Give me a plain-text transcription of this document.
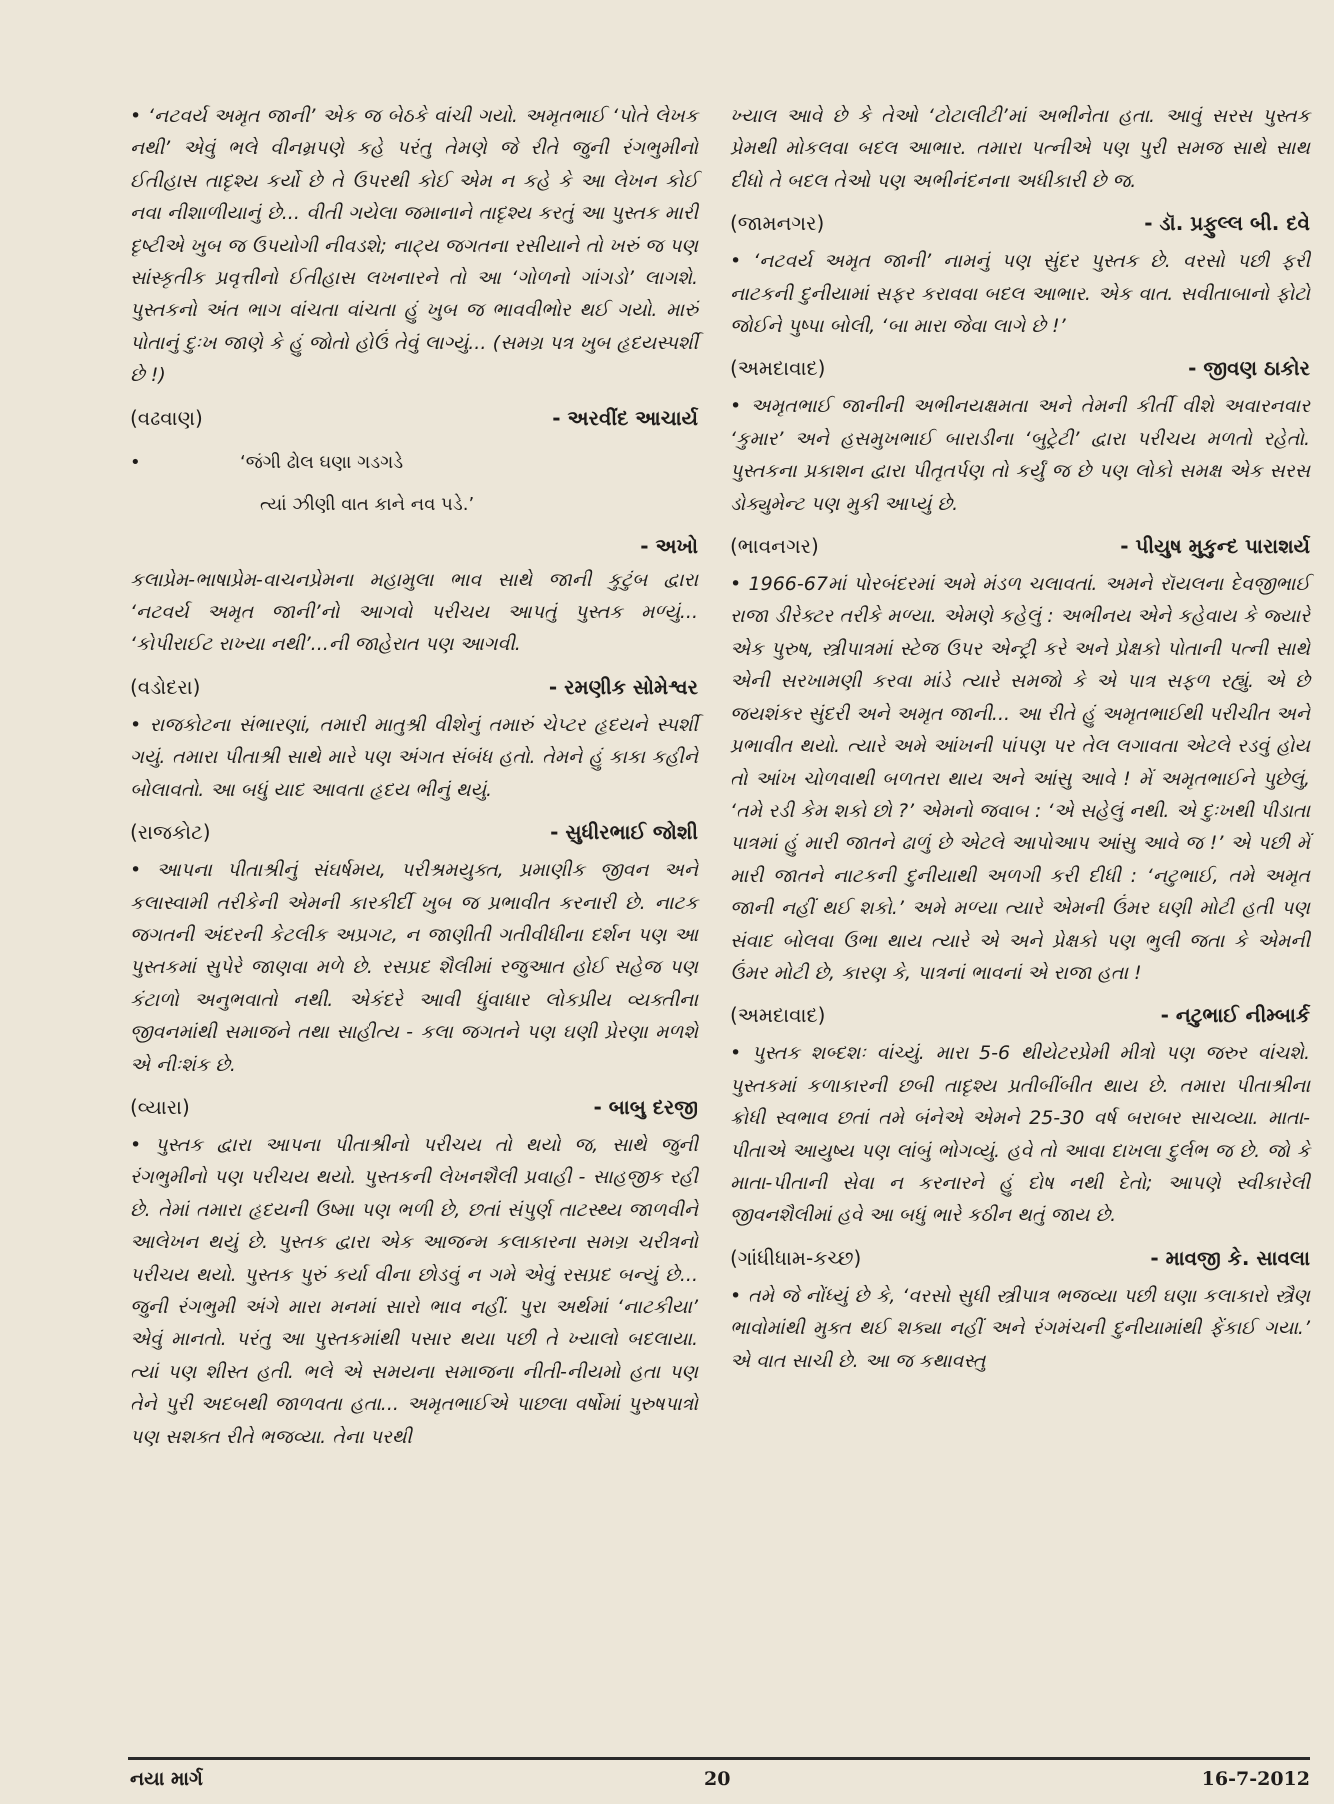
• ‘નટવર્ય અમૃત જાની’ એક જ બેઠકે વાંચી ગયો. અમૃતભાઈ ‘પોતે લેખક નથી’ એવું ભલે વીનમ્રપણે કહે પરંતુ તેમણે જે રીતે જુની રંગભુમીનો ઈતીહાસ તાદૃશ્ય કર્યો છે તે ઉપરથી કોઈ એમ ન કહે કે આ લેખન કોઈ નવા નીશાળીયાનું છે... વીતી ગયેલા જમાનાને તાદૃશ્ય કરતું આ પુસ્તક મારી દૃષ્ટીએ ખુબ જ ઉપયોગી નીવડશે; નાટ્ય જગતના રસીયાને તો ખરું જ પણ સાંસ્કૃતીક પ્રવૃત્તીનો ઈતીહાસ લખનારને તો આ ‘ગોળનો ગાંગડો’ લાગશે. પુસ્તકનો અંત ભાગ વાંચતા વાંચતા હું ખુબ જ ભાવવીભોર થઈ ગયો. મારું પોતાનું દુઃખ જાણે કે હું જોતો હોઉં તેવું લાગ્યું... (સમગ્ર પત્ર ખુબ હૃદયસ્પર્શી છે !)

(વઢવાણ)	- અરવીંદ આચાર્ય
•	‘જંગી ઢોલ ઘણા ગડગડે
ત્યાં ઝીણી વાત કાને નવ પડે.’
- અખો

કલાપ્રેમ-ભાષાપ્રેમ-વાચનપ્રેમના મહામુલા ભાવ સાથે જાની કુટુંબ દ્વારા ‘નટવર્ય અમૃત જાની’નો આગવો પરીચય આપતું પુસ્તક મળ્યું... ‘કોપીરાઈટ રાખ્યા નથી’...ની જાહેરાત પણ આગવી.

(વડોદરા)	- રમણીક સોમેશ્વર

• રાજકોટના સંભારણાં, તમારી માતુશ્રી વીશેનું તમારું ચેપ્ટર હૃદયને સ્પર્શી ગયું. તમારા પીતાશ્રી સાથે મારે પણ અંગત સંબંધ હતો. તેમને હું કાકા કહીને બોલાવતો. આ બધું યાદ આવતા હૃદય ભીનું થયું.

(રાજકોટ)	- સુધીરભાઈ જોશી

• આપના પીતાશ્રીનું સંઘર્ષમય, પરીશ્રમયુક્ત, પ્રમાણીક જીવન અને કલાસ્વામી તરીકેની એમની કારકીર્દી ખુબ જ પ્રભાવીત કરનારી છે. નાટક જગતની અંદરની કેટલીક અપ્રગટ, ન જાણીતી ગતીવીધીના દર્શન પણ આ પુસ્તકમાં સુપેરે જાણવા મળે છે. રસપ્રદ શૈલીમાં રજુઆત હોઈ સહેજ પણ કંટાળો અનુભવાતો નથી. એકંદરે આવી ધુંવાધાર લોકપ્રીય વ્યક્તીના જીવનમાંથી સમાજને તથા સાહીત્ય - કલા જગતને પણ ઘણી પ્રેરણા મળશે એ નીઃશંક છે.

(વ્યારા)	- બાબુ દરજી

• પુસ્તક દ્વારા આપના પીતાશ્રીનો પરીચય તો થયો જ, સાથે જુની રંગભુમીનો પણ પરીચય થયો. પુસ્તકની લેખનશૈલી પ્રવાહી - સાહજીક રહી છે. તેમાં તમારા હૃદયની ઉષ્મા પણ ભળી છે, છતાં સંપુર્ણ તાટસ્થ્ય જાળવીને આલેખન થયું છે. પુસ્તક દ્વારા એક આજન્મ કલાકારના સમગ્ર ચરીત્રનો પરીચય થયો. પુસ્તક પુરું કર્યા વીના છોડવું ન ગમે એવું રસપ્રદ બન્યું છે... જુની રંગભુમી અંગે મારા મનમાં સારો ભાવ નહીં. પુરા અર્થમાં ‘નાટકીયા’ એવું માનતો. પરંતુ આ પુસ્તકમાંથી પસાર થયા પછી તે ખ્યાલો બદલાયા. ત્યાં પણ શીસ્ત હતી. ભલે એ સમયના સમાજના નીતી-નીયમો હતા પણ તેને પુરી અદબથી જાળવતા હતા... અમૃતભાઈએ પાછલા વર્ષોમાં પુરુષપાત્રો પણ સશક્ત રીતે ભજવ્યા. તેના પરથી

ખ્યાલ આવે છે કે તેઓ ‘ટોટાલીટી’માં અભીનેતા હતા. આવું સરસ પુસ્તક પ્રેમથી મોકલવા બદલ આભાર. તમારા પત્નીએ પણ પુરી સમજ સાથે સાથ દીધો તે બદલ તેઓ પણ અભીનંદનના અધીકારી છે જ.

(જામનગર)	- ડૉ. પ્રફુલ્લ બી. દવે

• ‘નટવર્ય અમૃત જાની’ નામનું પણ સુંદર પુસ્તક છે. વરસો પછી ફરી નાટકની દુનીયામાં સફર કરાવવા બદલ આભાર. એક વાત. સવીતાબાનો ફોટો જોઈને પુષ્પા બોલી, ‘બા મારા જેવા લાગે છે !’

(અમદાવાદ)	- જીવણ ઠાકોર

• અમૃતભાઈ જાનીની અભીનયક્ષમતા અને તેમની કીર્તી વીશે અવારનવાર ‘કુમાર’ અને હસમુખભાઈ બારાડીના ‘બુટ્રેટી’ દ્વારા પરીચય મળતો રહેતો. પુસ્તકના પ્રકાશન દ્વારા પીતૃતર્પણ તો કર્યું જ છે પણ લોકો સમક્ષ એક સરસ ડોક્યુમેન્ટ પણ મુકી આપ્યું છે.

(ભાવનગર)	- પીયુષ મુકુન્દ પારાશર્ય

• 1966-67માં પોરબંદરમાં અમે મંડળ ચલાવતાં. અમને રૉયલના દેવજીભાઈ રાજા ડીરેક્ટર તરીકે મળ્યા. એમણે કહેલું : અભીનય એને કહેવાય કે જ્યારે એક પુરુષ, સ્ત્રીપાત્રમાં સ્ટેજ ઉપર એન્ટ્રી કરે અને પ્રેક્ષકો પોતાની પત્ની સાથે એની સરખામણી કરવા માંડે ત્યારે સમજો કે એ પાત્ર સફળ રહ્યું. એ છે જયશંકર સુંદરી અને અમૃત જાની... આ રીતે હું અમૃતભાઈથી પરીચીત અને પ્રભાવીત થયો. ત્યારે અમે આંખની પાંપણ પર તેલ લગાવતા એટલે રડવું હોય તો આંખ ચોળવાથી બળતરા થાય અને આંસુ આવે ! મેં અમૃતભાઈને પુછેલું, ‘તમે રડી કેમ શકો છો ?’ એમનો જવાબ : ‘એ સહેલું નથી. એ દુઃખથી પીડાતા પાત્રમાં હું મારી જાતને ઢાળું છે એટલે આપોઆપ આંસુ આવે જ !’ એ પછી મેં મારી જાતને નાટકની દુનીયાથી અળગી કરી દીધી : ‘નટુભાઈ, તમે અમૃત જાની નહીં થઈ શકો.’ અમે મળ્યા ત્યારે એમની ઉંમર ઘણી મોટી હતી પણ સંવાદ બોલવા ઉભા થાય ત્યારે એ અને પ્રેક્ષકો પણ ભુલી જતા કે એમની ઉંમર મોટી છે, કારણ કે, પાત્રનાં ભાવનાં એ રાજા હતા !

(અમદાવાદ)	- નટુભાઈ નીમ્બાર્ક

• પુસ્તક શબ્દશઃ વાંચ્યું. મારા 5-6 થીયેટરપ્રેમી મીત્રો પણ જરુર વાંચશે. પુસ્તકમાં કળાકારની છબી તાદૃશ્ય પ્રતીબીંબીત થાય છે. તમારા પીતાશ્રીના ક્રોધી સ્વભાવ છતાં તમે બંનેએ એમને 25-30 વર્ષ બરાબર સાચવ્યા. માતા-પીતાએ આયુષ્ય પણ લાંબું ભોગવ્યું. હવે તો આવા દાખલા દુર્લભ જ છે. જો કે માતા-પીતાની સેવા ન કરનારને હું દોષ નથી દેતો; આપણે સ્વીકારેલી જીવનશૈલીમાં હવે આ બધું ભારે કઠીન થતું જાય છે.

(ગાંધીધામ-કચ્છ)	- માવજી કે. સાવલા

• તમે જે નોંધ્યું છે કે, ‘વરસો સુધી સ્ત્રીપાત્ર ભજવ્યા પછી ઘણા કલાકારો સ્ત્રૈણ ભાવોમાંથી મુક્ત થઈ શક્યા નહીં અને રંગમંચની દુનીયામાંથી ફેંકાઈ ગયા.’ એ વાત સાચી છે. આ જ કથાવસ્તુ

નયા માર્ગ	20	16-7-2012
